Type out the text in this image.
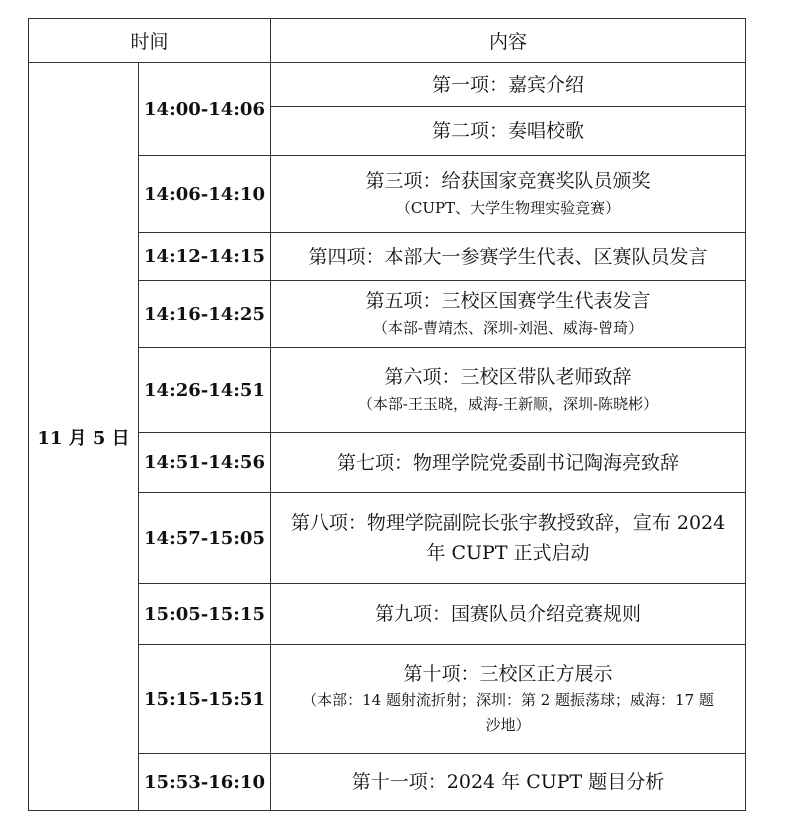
时间		内容
11 月 5 日	14:00-14:06	第一项：嘉宾介绍

		第二项：奏唱校歌

	14:06-14:10	第三项：给获国家竞赛奖队员颁奖
（CUPT、大学生物理实验竞赛）

	14:12-14:15	第四项：本部大一参赛学生代表、区赛队员发言

	14:16-14:25	第五项：三校区国赛学生代表发言
（本部-曹靖杰、深圳-刘浥、威海-曾琦）

	14:26-14:51	第六项：三校区带队老师致辞
（本部-王玉晓，威海-王新顺，深圳-陈晓彬）

	14:51-14:56	第七项：物理学院党委副书记陶海亮致辞

	14:57-15:05	第八项：物理学院副院长张宇教授致辞，宣布 2024 年 CUPT 正式启动

	15:05-15:15	第九项：国赛队员介绍竞赛规则

	15:15-15:51	第十项：三校区正方展示
（本部：14 题射流折射；深圳：第 2 题振荡球；威海：17 题沙地）

	15:53-16:10	第十一项：2024 年 CUPT 题目分析
